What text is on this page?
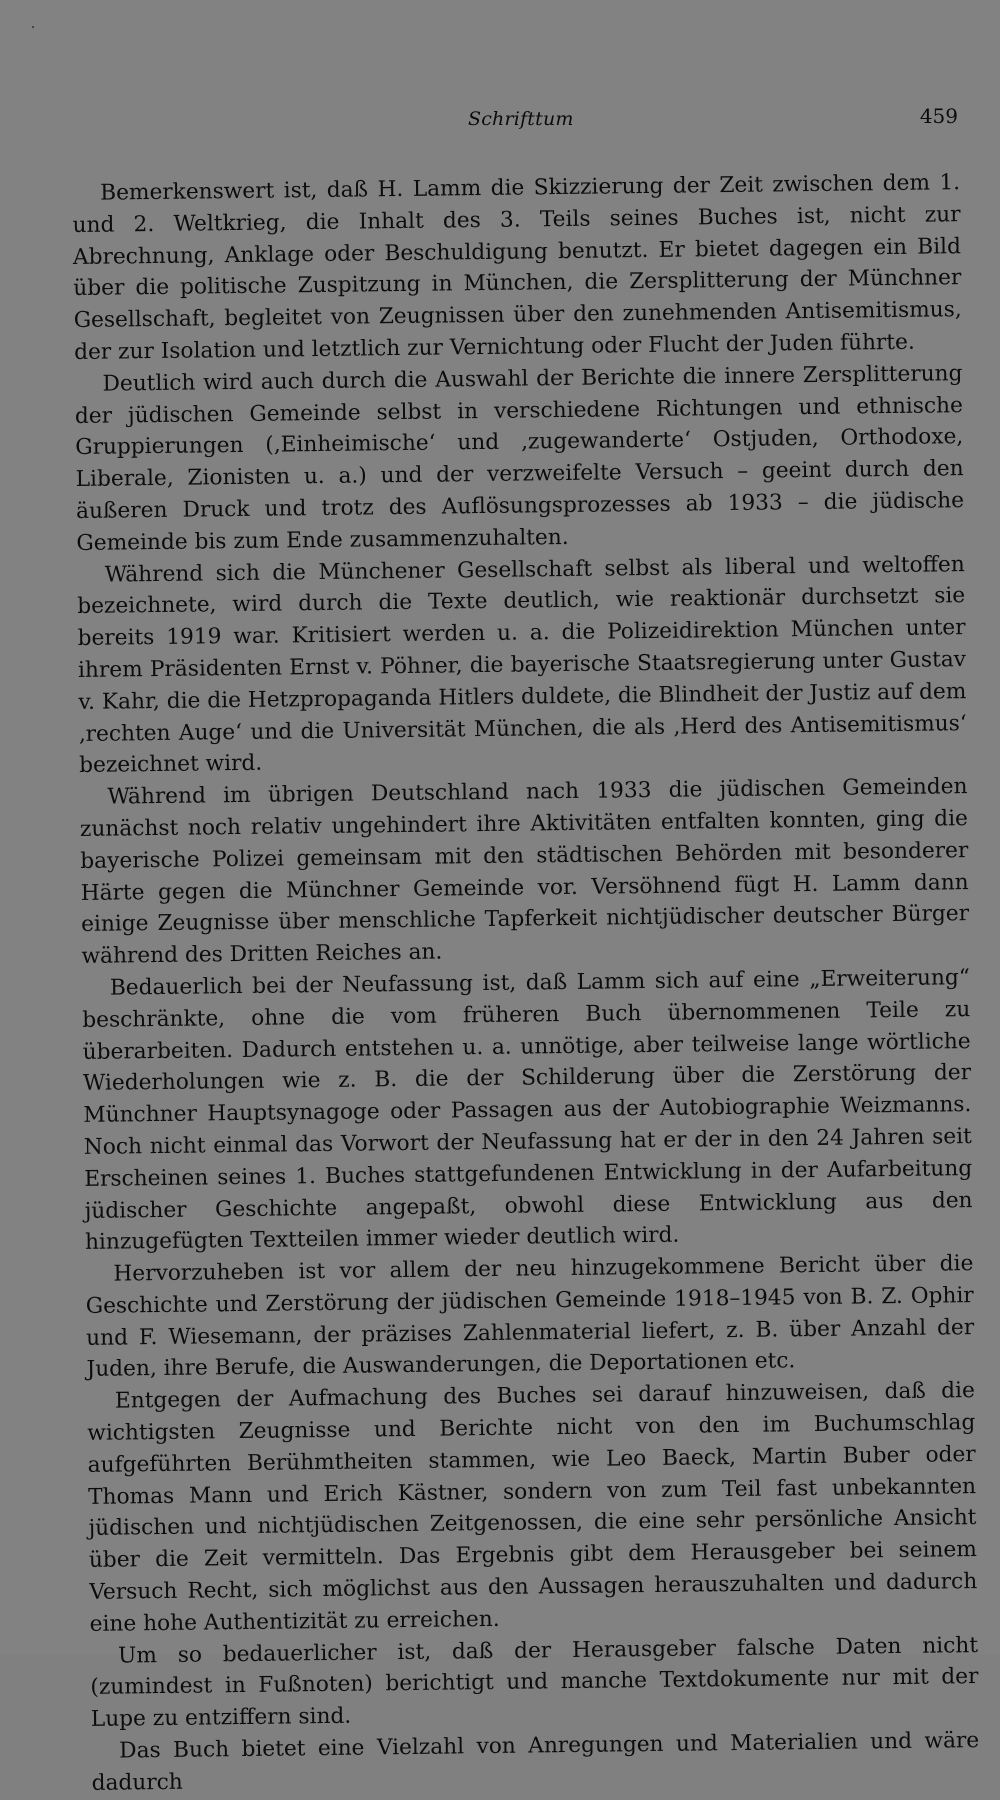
Schrifttum	459

Bemerkenswert ist, daß H. Lamm die Skizzierung der Zeit zwischen dem 1. und 2. Weltkrieg, die Inhalt des 3. Teils seines Buches ist, nicht zur Abrechnung, Anklage oder Beschuldigung benutzt. Er bietet dagegen ein Bild über die politische Zuspitzung in München, die Zersplitterung der Münchner Gesellschaft, begleitet von Zeugnissen über den zunehmenden Antisemitismus, der zur Isolation und letztlich zur Vernichtung oder Flucht der Juden führte.

Deutlich wird auch durch die Auswahl der Berichte die innere Zersplitterung der jüdischen Gemeinde selbst in verschiedene Richtungen und ethnische Gruppierungen (‚Einheimische‘ und ‚zugewanderte‘ Ostjuden, Orthodoxe, Liberale, Zionisten u. a.) und der verzweifelte Versuch – geeint durch den äußeren Druck und trotz des Auflösungsprozesses ab 1933 – die jüdische Gemeinde bis zum Ende zusammenzuhalten.

Während sich die Münchener Gesellschaft selbst als liberal und weltoffen bezeichnete, wird durch die Texte deutlich, wie reaktionär durchsetzt sie bereits 1919 war. Kritisiert werden u. a. die Polizeidirektion München unter ihrem Präsidenten Ernst v. Pöhner, die bayerische Staatsregierung unter Gustav v. Kahr, die die Hetzpropaganda Hitlers duldete, die Blindheit der Justiz auf dem ‚rechten Auge‘ und die Universität München, die als ‚Herd des Antisemitismus‘ bezeichnet wird.

Während im übrigen Deutschland nach 1933 die jüdischen Gemeinden zunächst noch relativ ungehindert ihre Aktivitäten entfalten konnten, ging die bayerische Polizei gemeinsam mit den städtischen Behörden mit besonderer Härte gegen die Münchner Gemeinde vor. Versöhnend fügt H. Lamm dann einige Zeugnisse über menschliche Tapferkeit nichtjüdischer deutscher Bürger während des Dritten Reiches an.

Bedauerlich bei der Neufassung ist, daß Lamm sich auf eine „Erweiterung“ beschränkte, ohne die vom früheren Buch übernommenen Teile zu überarbeiten. Dadurch entstehen u. a. unnötige, aber teilweise lange wörtliche Wiederholungen wie z. B. die der Schilderung über die Zerstörung der Münchner Hauptsynagoge oder Passagen aus der Autobiographie Weizmanns. Noch nicht einmal das Vorwort der Neufassung hat er der in den 24 Jahren seit Erscheinen seines 1. Buches stattgefundenen Entwicklung in der Aufarbeitung jüdischer Geschichte angepaßt, obwohl diese Entwicklung aus den hinzugefügten Textteilen immer wieder deutlich wird.

Hervorzuheben ist vor allem der neu hinzugekommene Bericht über die Geschichte und Zerstörung der jüdischen Gemeinde 1918–1945 von B. Z. Ophir und F. Wiesemann, der präzises Zahlenmaterial liefert, z. B. über Anzahl der Juden, ihre Berufe, die Auswanderungen, die Deportationen etc.

Entgegen der Aufmachung des Buches sei darauf hinzuweisen, daß die wichtigsten Zeugnisse und Berichte nicht von den im Buchumschlag aufgeführten Berühmtheiten stammen, wie Leo Baeck, Martin Buber oder Thomas Mann und Erich Kästner, sondern von zum Teil fast unbekannten jüdischen und nichtjüdischen Zeitgenossen, die eine sehr persönliche Ansicht über die Zeit vermitteln. Das Ergebnis gibt dem Herausgeber bei seinem Versuch Recht, sich möglichst aus den Aussagen herauszuhalten und dadurch eine hohe Authentizität zu erreichen.

Um so bedauerlicher ist, daß der Herausgeber falsche Daten nicht (zumindest in Fußnoten) berichtigt und manche Textdokumente nur mit der Lupe zu entziffern sind.

Das Buch bietet eine Vielzahl von Anregungen und Materialien und wäre dadurch
